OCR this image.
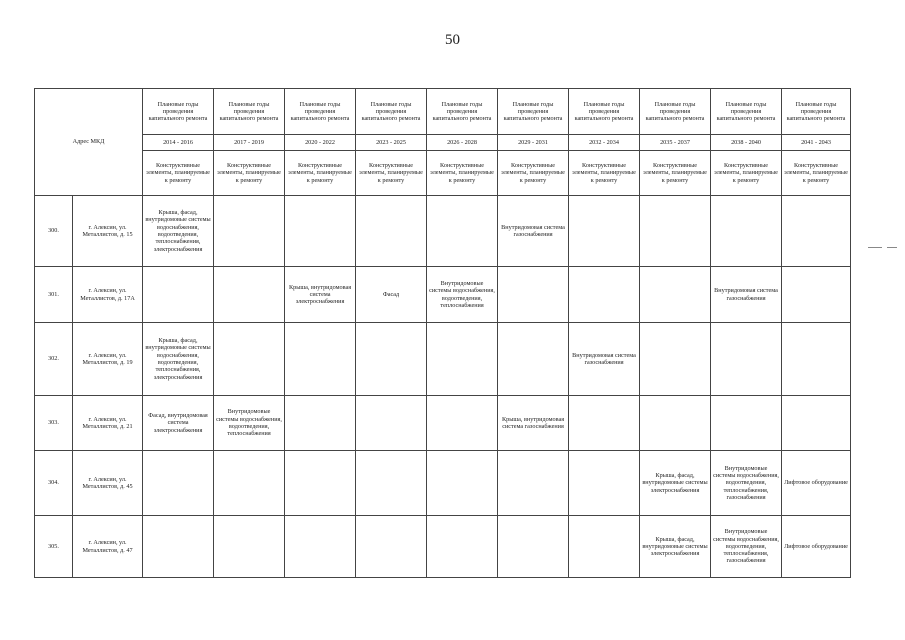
50
Адрес МКД		Плановые годы проведения капитального ремонта	Плановые годы проведения капитального ремонта	Плановые годы проведения капитального ремонта	Плановые годы проведения капитального ремонта	Плановые годы проведения капитального ремонта	Плановые годы проведения капитального ремонта	Плановые годы проведения капитального ремонта	Плановые годы проведения капитального ремонта	Плановые годы проведения капитального ремонта	Плановые годы проведения капитального ремонта
		2014 - 2016	2017 - 2019	2020 - 2022	2023 - 2025	2026 - 2028	2029 - 2031	2032 - 2034	2035 - 2037	2038 - 2040	2041 - 2043
		Конструктивные элементы, планируемые к ремонту	Конструктивные элементы, планируемые к ремонту	Конструктивные элементы, планируемые к ремонту	Конструктивные элементы, планируемые к ремонту	Конструктивные элементы, планируемые к ремонту	Конструктивные элементы, планируемые к ремонту	Конструктивные элементы, планируемые к ремонту	Конструктивные элементы, планируемые к ремонту	Конструктивные элементы, планируемые к ремонту	Конструктивные элементы, планируемые к ремонту
300.	г. Алексин, ул. Металлистов, д. 15	Крыша, фасад, внутридомовые системы водоснабжения, водоотведения, теплоснабжения, электроснабжения					Внутридомовая система газоснабжения				
301.	г. Алексин, ул. Металлистов, д. 17А			Крыша, внутридомовая система электроснабжения	Фасад	Внутридомовые системы водоснабжения, водоотведения, теплоснабжения				Внутридомовая система газоснабжения	
302.	г. Алексин, ул. Металлистов, д. 19	Крыша, фасад, внутридомовые системы водоснабжения, водоотведения, теплоснабжения, электроснабжения						Внутридомовая система газоснабжения			
303.	г. Алексин, ул. Металлистов, д. 21	Фасад, внутридомовая система электроснабжения	Внутридомовые системы водоснабжения, водоотведения, теплоснабжения				Крыша, внутридомовая система газоснабжения				
304.	г. Алексин, ул. Металлистов, д. 45								Крыша, фасад, внутридомовые системы электроснабжения	Внутридомовые системы водоснабжения, водоотведения, теплоснабжения, газоснабжения	Лифтовое оборудование
305.	г. Алексин, ул. Металлистов, д. 47								Крыша, фасад, внутридомовые системы электроснабжения	Внутридомовые системы водоснабжения, водоотведения, теплоснабжения, газоснабжения	Лифтовое оборудование
